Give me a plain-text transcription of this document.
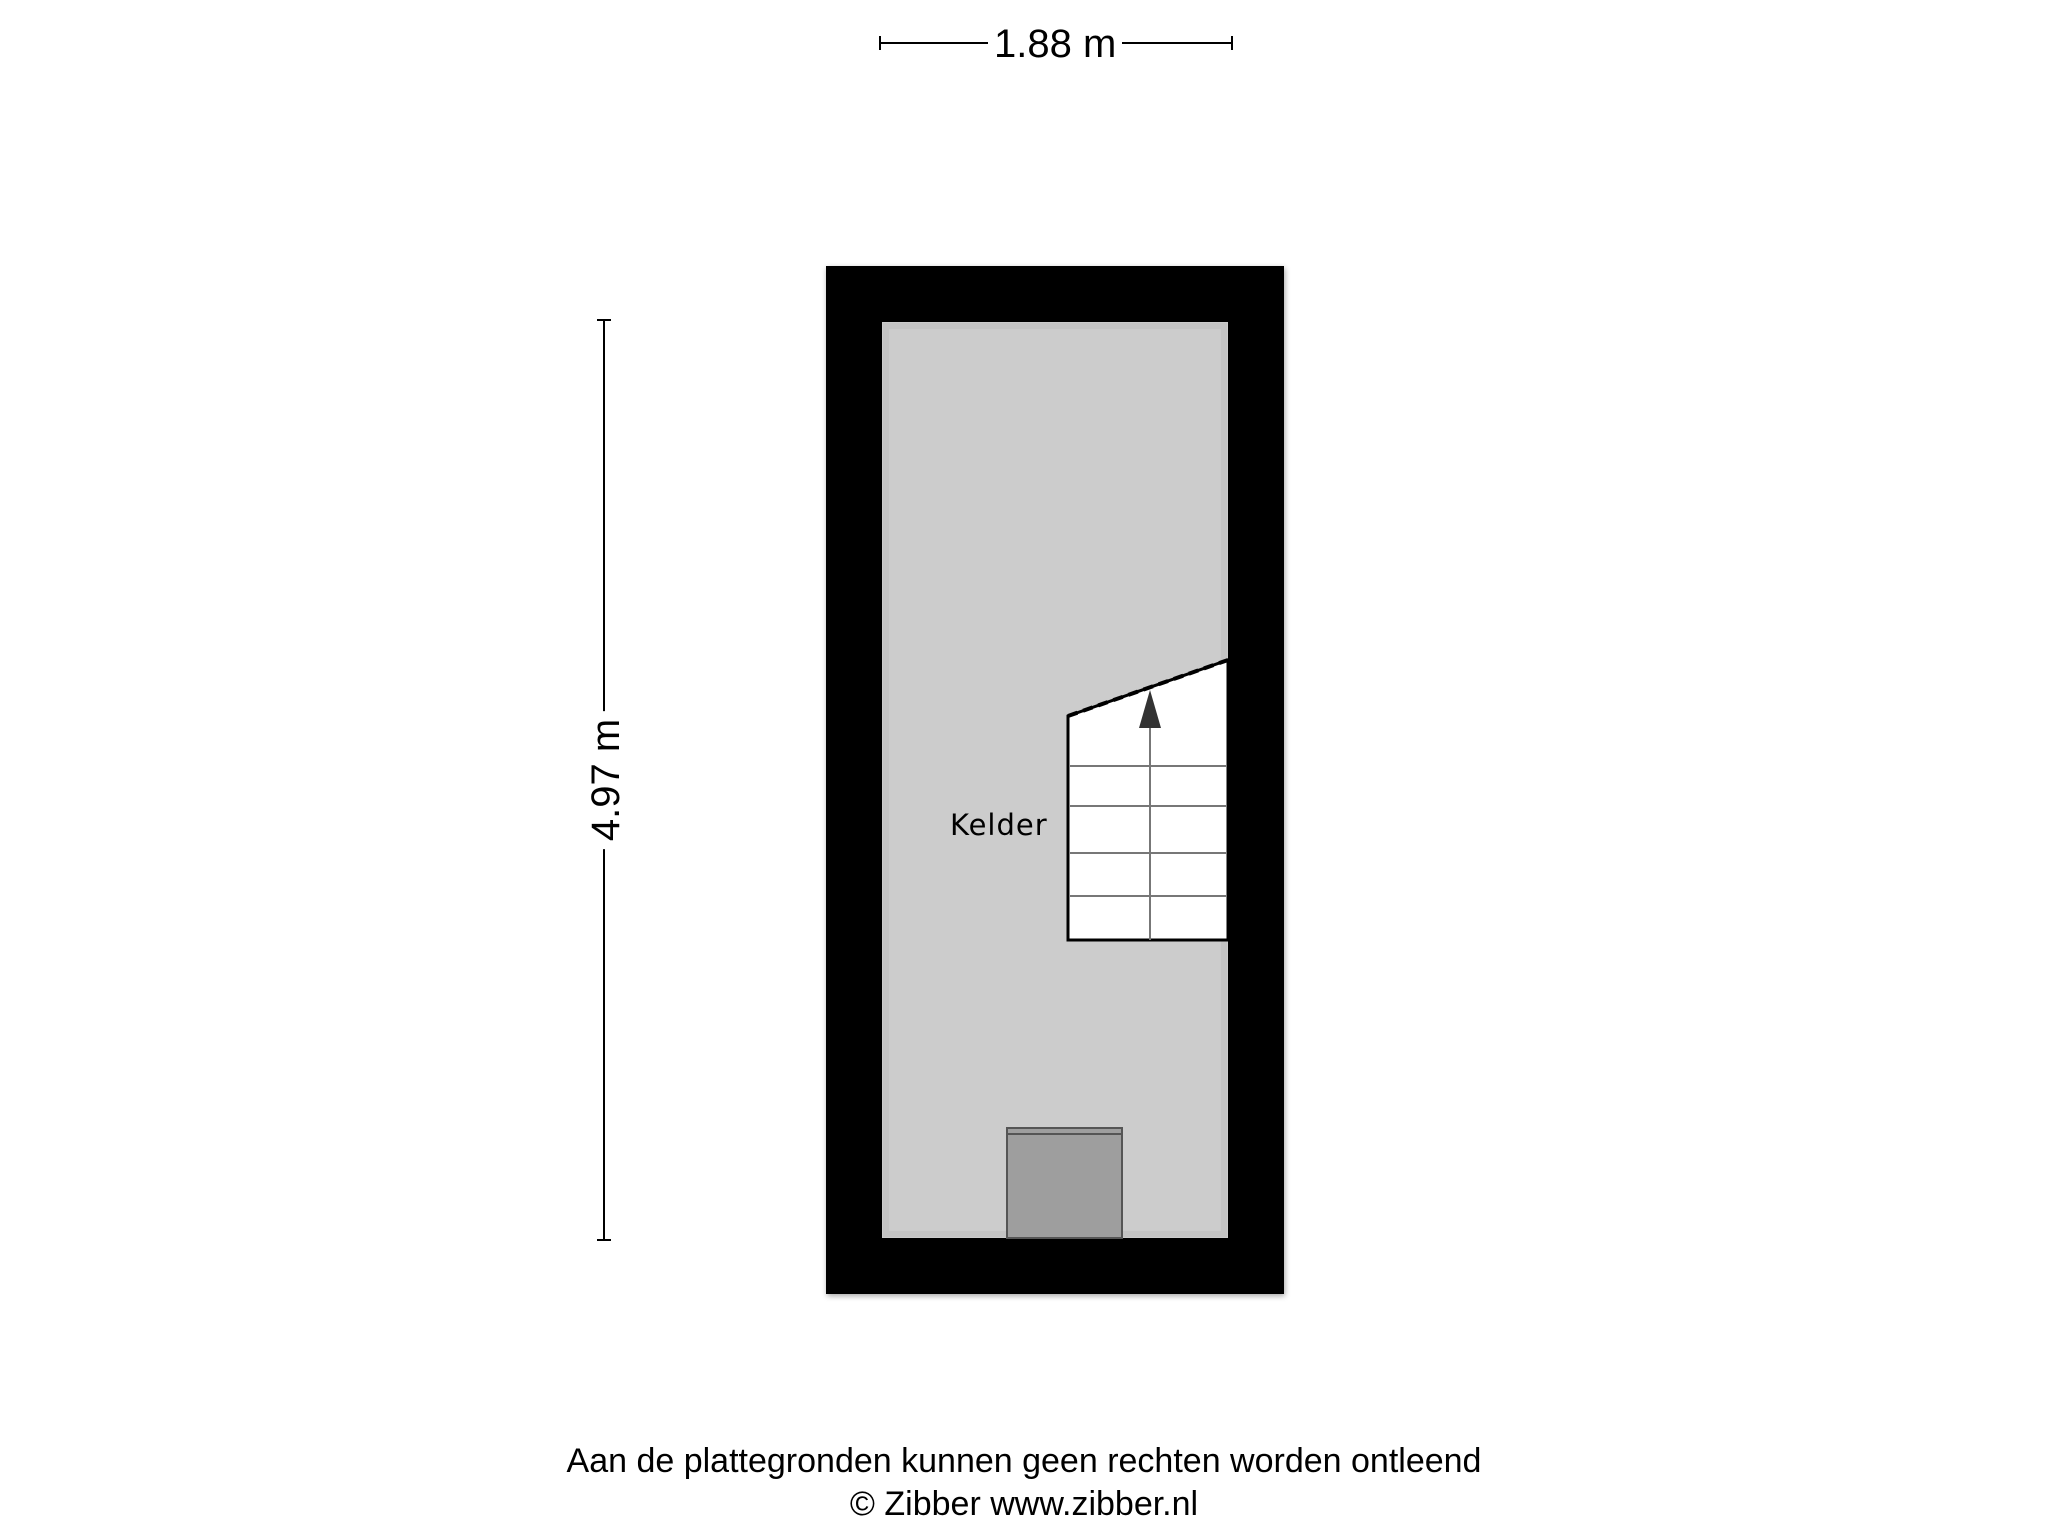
1.88 m
4.97 m	Kelder
Aan de plattegronden kunnen geen rechten worden ontleend
© Zibber www.zibber.nl
